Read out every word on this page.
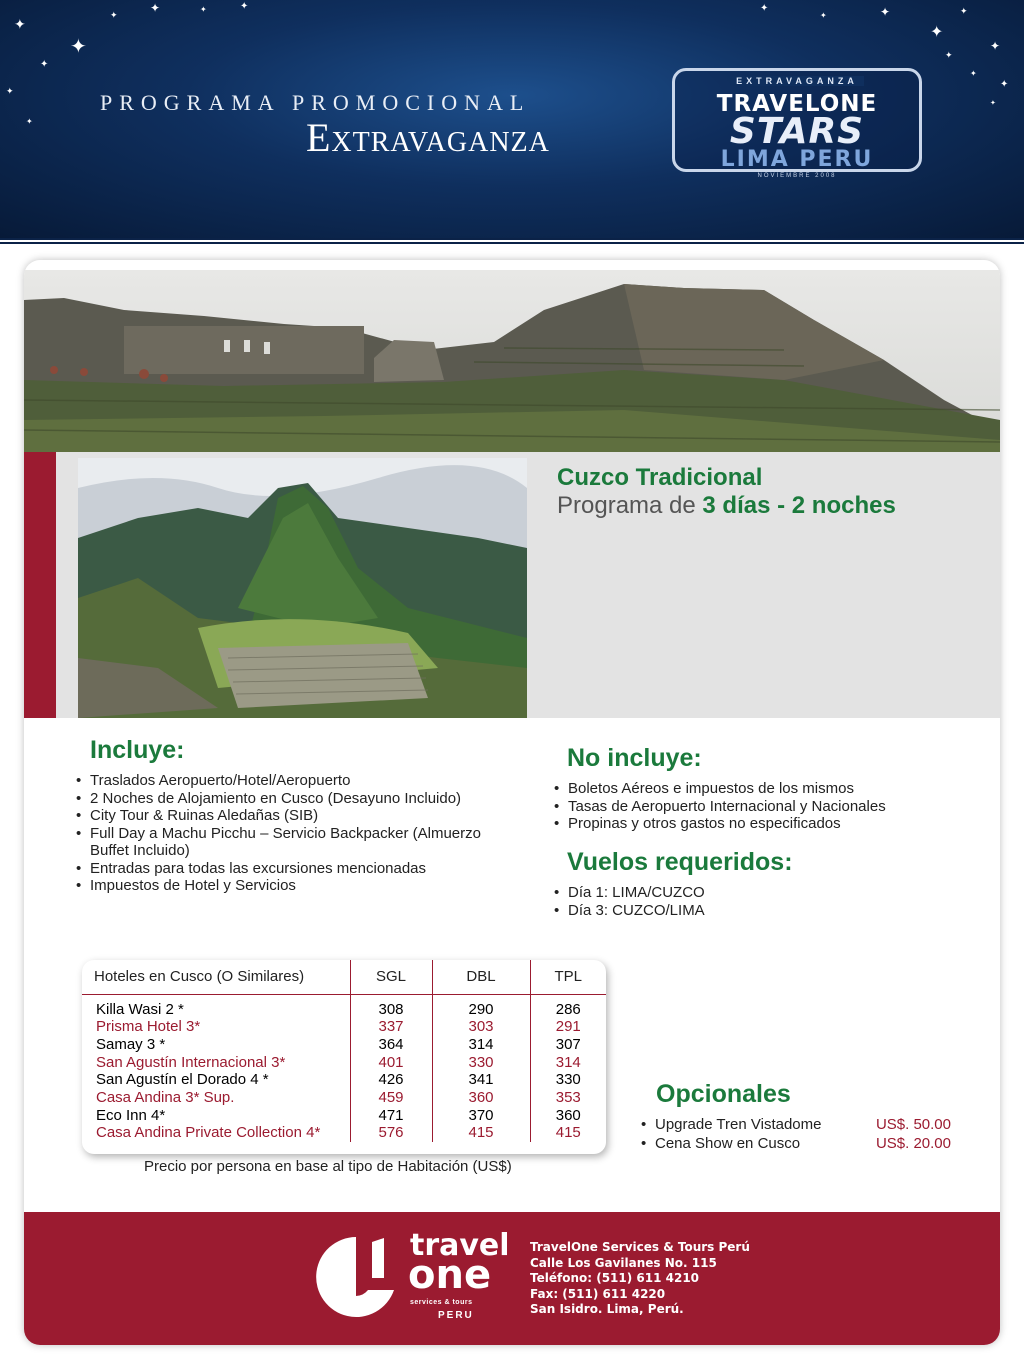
✦
✦
✦
✦
✦
✦
✦
✦	✦	✦
✦	✦
✦
✦
✦
✦
✦
✦
✦
PROGRAMA PROMOCIONAL
Extravaganza
EXTRAVAGANZA
TRAVELONE
STARS
LIMA PERU
NOVIEMBRE 2008
Cuzco Tradicional
Programa de 3 días - 2 noches
Incluye:
• Traslados Aeropuerto/Hotel/Aeropuerto
• 2 Noches de Alojamiento en Cusco (Desayuno Incluido)
• City Tour & Ruinas Aledañas (SIB)
• Full Day a Machu Picchu – Servicio Backpacker (Almuerzo Buffet Incluido)
• Entradas para todas las excursiones mencionadas
• Impuestos de Hotel y Servicios
No incluye:
• Boletos Aéreos e impuestos de los mismos
• Tasas de Aeropuerto Internacional y Nacionales
• Propinas y otros gastos no especificados
Vuelos requeridos:
• Día 1: LIMA/CUZCO
• Día 3: CUZCO/LIMA
Hoteles en Cusco (O Similares)	SGL	DBL	TPL
Killa Wasi 2 *	308	290	286
Prisma Hotel 3*	337	303	291
Samay 3 *	364	314	307
San Agustín Internacional 3*	401	330	314
San Agustín el Dorado 4 *	426	341	330
Casa Andina 3* Sup.	459	360	353
Eco Inn 4*	471	370	360
Casa Andina Private Collection 4*	576	415	415
Precio por persona en base al tipo de Habitación (US$)
Opcionales
• Upgrade Tren Vistadome	US$. 50.00
• Cena Show en Cusco	US$. 20.00
travel
one
services & tours
PERU
TravelOne Services & Tours Perú
Calle Los Gavilanes No. 115
Teléfono: (511) 611 4210
Fax: (511) 611 4220
San Isidro. Lima, Perú.
